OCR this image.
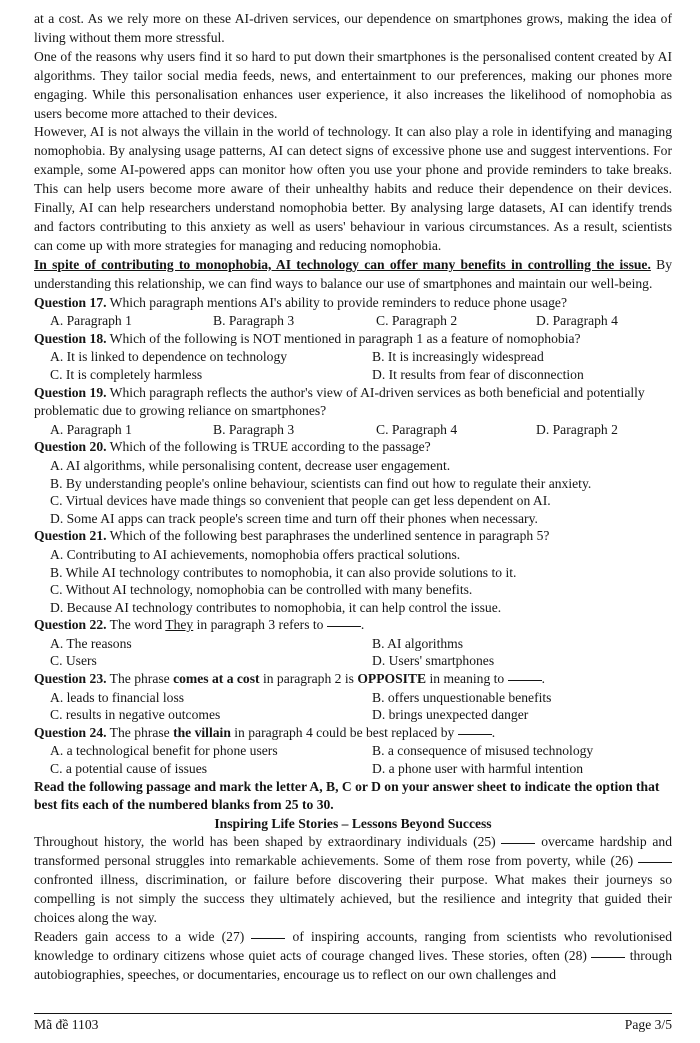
at a cost. As we rely more on these AI-driven services, our dependence on smartphones grows, making the idea of living without them more stressful.

One of the reasons why users find it so hard to put down their smartphones is the personalised content created by AI algorithms. They tailor social media feeds, news, and entertainment to our preferences, making our phones more engaging. While this personalisation enhances user experience, it also increases the likelihood of nomophobia as users become more attached to their devices.

However, AI is not always the villain in the world of technology. It can also play a role in identifying and managing nomophobia. By analysing usage patterns, AI can detect signs of excessive phone use and suggest interventions. For example, some AI-powered apps can monitor how often you use your phone and provide reminders to take breaks. This can help users become more aware of their unhealthy habits and reduce their dependence on their devices. Finally, AI can help researchers understand nomophobia better. By analysing large datasets, AI can identify trends and factors contributing to this anxiety as well as users' behaviour in various circumstances. As a result, scientists can come up with more strategies for managing and reducing nomophobia.

In spite of contributing to monophobia, AI technology can offer many benefits in controlling the issue. By understanding this relationship, we can find ways to balance our use of smartphones and maintain our well-being.

Question 17. Which paragraph mentions AI's ability to provide reminders to reduce phone usage?

A. Paragraph 1	B. Paragraph 3	C. Paragraph 2	D. Paragraph 4

Question 18. Which of the following is NOT mentioned in paragraph 1 as a feature of nomophobia?

A. It is linked to dependence on technology	B. It is increasingly widespread
C. It is completely harmless	D. It results from fear of disconnection

Question 19. Which paragraph reflects the author's view of AI-driven services as both beneficial and potentially problematic due to growing reliance on smartphones?

A. Paragraph 1	B. Paragraph 3	C. Paragraph 4	D. Paragraph 2

Question 20. Which of the following is TRUE according to the passage?

A. AI algorithms, while personalising content, decrease user engagement.
B. By understanding people's online behaviour, scientists can find out how to regulate their anxiety.
C. Virtual devices have made things so convenient that people can get less dependent on AI.
D. Some AI apps can track people's screen time and turn off their phones when necessary.

Question 21. Which of the following best paraphrases the underlined sentence in paragraph 5?

A. Contributing to AI achievements, nomophobia offers practical solutions.
B. While AI technology contributes to nomophobia, it can also provide solutions to it.
C. Without AI technology, nomophobia can be controlled with many benefits.
D. Because AI technology contributes to nomophobia, it can help control the issue.

Question 22. The word They in paragraph 3 refers to	.

A. The reasons	B. AI algorithms
C. Users	D. Users' smartphones

Question 23. The phrase comes at a cost in paragraph 2 is OPPOSITE in meaning to	.

A. leads to financial loss	B. offers unquestionable benefits
C. results in negative outcomes	D. brings unexpected danger

Question 24. The phrase the villain in paragraph 4 could be best replaced by	.

A. a technological benefit for phone users	B. a consequence of misused technology
C. a potential cause of issues	D. a phone user with harmful intention

Read the following passage and mark the letter A, B, C or D on your answer sheet to indicate the option that best fits each of the numbered blanks from 25 to 30.

Inspiring Life Stories – Lessons Beyond Success

Throughout history, the world has been shaped by extraordinary individuals (25)	overcame hardship and transformed personal struggles into remarkable achievements. Some of them rose from poverty, while (26)  confronted illness, discrimination, or failure before discovering their purpose. What makes their journeys so compelling is not simply the success they ultimately achieved, but the resilience and integrity that guided their choices along the way.

Readers gain access to a wide (27)	of inspiring accounts, ranging from scientists who revolutionised knowledge to ordinary citizens whose quiet acts of courage changed lives. These stories, often (28)	through autobiographies, speeches, or documentaries, encourage us to reflect on our own challenges and

Mã đề 1103	Page 3/5
